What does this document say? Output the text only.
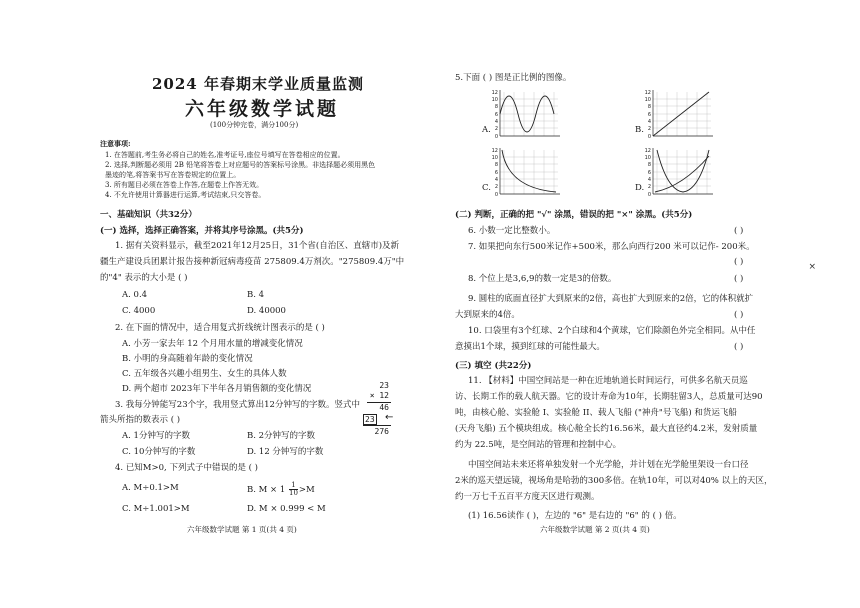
2024 年春期末学业质量监测
六年级数学试题
(100分钟完卷，满分100分)
注意事项:
1. 在答题前,考生务必将自己的姓名,准考证号,座位号填写在答卷相应的位置。
2. 选择,判断题必须用 2B 铅笔将答卷上对应题号的答案标号涂黑。非选择题必须用黑色
墨迹的笔,将答案书写在答卷规定的位置上。
3. 所有题目必须在答卷上作答,在题卷上作答无效。
4. 不允许使用计算器进行运算,考试结束,只交答卷。
一、基础知识（共32分）
(一) 选择，选择正确答案，并将其序号涂黑。(共5分)
1. 据有关资料显示，截至2021年12月25日，31个省(自治区、直辖市)及新
疆生产建设兵团累计报告接种新冠病毒疫苗 275809.4万剂次。"275809.4万"中
的"4" 表示的大小是 ( )
A. 0.4	B. 4
C. 4000	D. 40000
2. 在下面的情况中，适合用复式折线统计图表示的是 ( )
A. 小芳一家去年 12 个月用水量的增减变化情况
B. 小明的身高随着年龄的变化情况
C. 五年级各兴趣小组男生、女生的具体人数
D. 两个超市 2023年下半年各月销售额的变化情况
3. 我每分钟能写23个字，我用竖式算出12分钟写的字数。竖式中
箭头所指的数表示 ( )
23
× 12
46
23 ←
276
A. 1分钟写的字数	B. 2分钟写的字数
C. 10分钟写的字数	D. 12 分钟写的字数
4. 已知M>0, 下列式子中错误的是 ( )
A. M÷0.1>M	B. $M \times 1 \frac{1}{10} >M$
C. M÷1.001>M	D. M × 0.999 < M
六年级数学试题 第 1 页(共 4 页)
5.下面 ( ) 图是正比例的图像。
A.
12
10
8
6
4
2
0
B.
12
10
8
6
4
2
0
C.
12
10
8
6
4
2
0
D.
12
10
8
6
4
2
0
(二) 判断，正确的把 "√" 涂黑，错误的把 "×" 涂黑。(共5分)
6. 小数一定比整数小。	( )
7. 如果把向东行500米记作+500米，那么向西行200 米可以记作- 200米。
( )
8. 个位上是3,6,9的数一定是3的倍数。	( )
9. 圆柱的底面直径扩大到原来的2倍，高也扩大到原来的2倍，它的体积就扩
大到原来的4倍。	( )
10. 口袋里有3个红球、2个白球和4个黄球，它们除颜色外完全相同。从中任
意摸出1个球，摸到红球的可能性最大。	( )
(三) 填空 (共22分)
11. 【材料】中国空间站是一种在近地轨道长时间运行，可供多名航天员巡
访、长期工作的载人航天器。它的设计寿命为10年，长期驻留3人，总质量可达90
吨，由核心舱、实验舱 I、实验舱 II、载人飞船 ("神舟"号飞船) 和货运飞船
(天舟飞船) 五个模块组成。核心舱全长约16.56米，最大直径约4.2米，发射质量
约为 22.5吨，是空间站的管理和控制中心。
中国空间站未来还将单独发射一个光学舱，并计划在光学舱里架设一台口径
2米的巡天望远镜，视场角是哈勃的300多倍。在轨10年，可以对40% 以上的天区，
约一万七千五百平方度天区进行观测。
(1) 16.56读作 ( )，左边的 "6" 是右边的 "6" 的 ( ) 倍。
六年级数学试题 第 2 页(共 4 页)
×
